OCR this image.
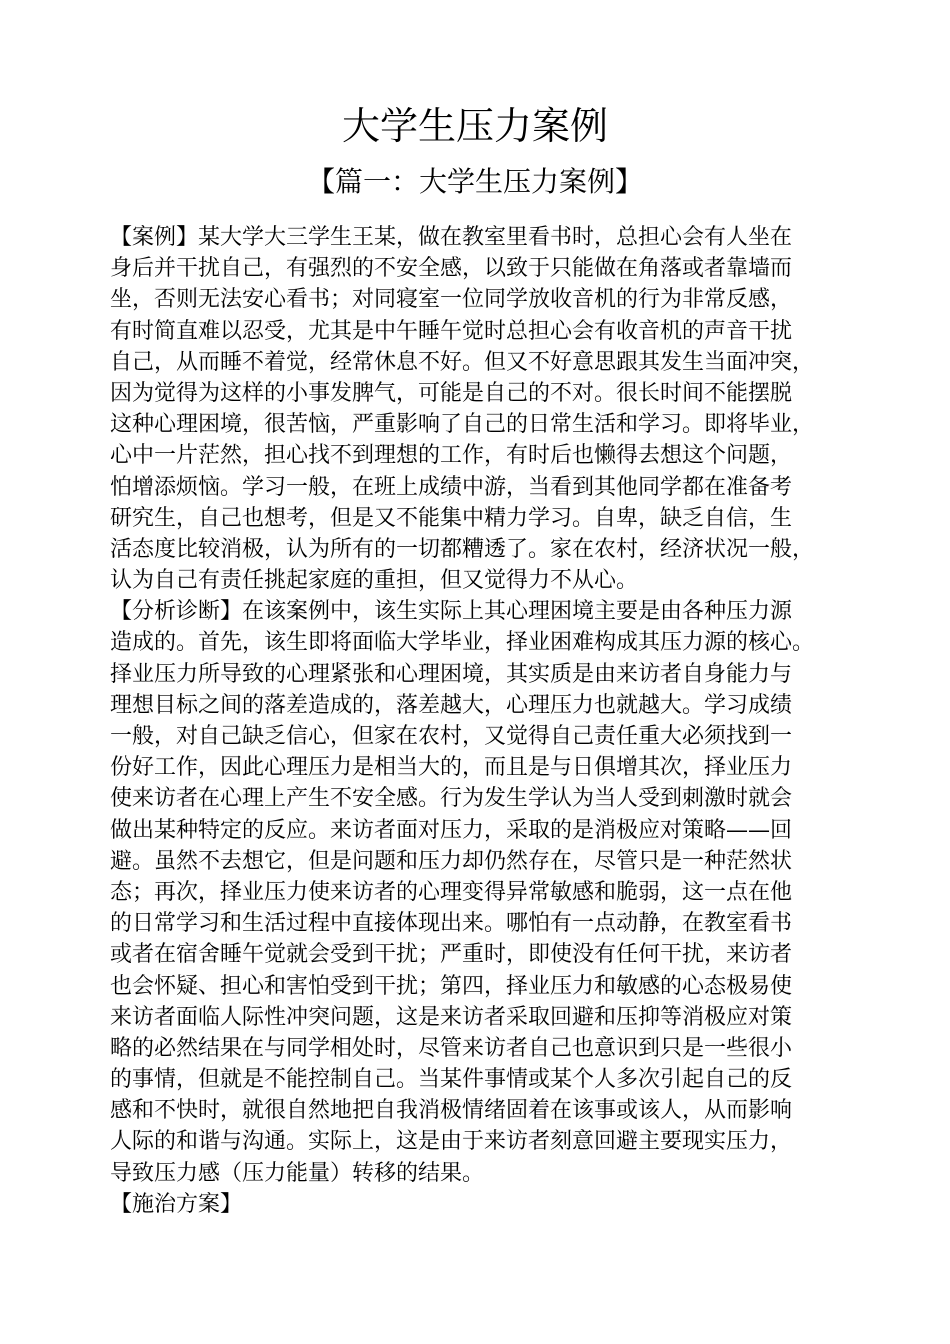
大学生压力案例
【篇一：大学生压力案例】
【案例】某大学大三学生王某，做在教室里看书时，总担心会有人坐在
身后并干扰自己，有强烈的不安全感，以致于只能做在角落或者靠墙而
坐，否则无法安心看书；对同寝室一位同学放收音机的行为非常反感，
有时简直难以忍受，尤其是中午睡午觉时总担心会有收音机的声音干扰
自己，从而睡不着觉，经常休息不好。但又不好意思跟其发生当面冲突，
因为觉得为这样的小事发脾气，可能是自己的不对。很长时间不能摆脱
这种心理困境，很苦恼，严重影响了自己的日常生活和学习。即将毕业，
心中一片茫然，担心找不到理想的工作，有时后也懒得去想这个问题，
怕增添烦恼。学习一般，在班上成绩中游，当看到其他同学都在准备考
研究生，自己也想考，但是又不能集中精力学习。自卑，缺乏自信，生
活态度比较消极，认为所有的一切都糟透了。家在农村，经济状况一般，
认为自己有责任挑起家庭的重担，但又觉得力不从心。
【分析诊断】在该案例中，该生实际上其心理困境主要是由各种压力源
造成的。首先，该生即将面临大学毕业，择业困难构成其压力源的核心。
择业压力所导致的心理紧张和心理困境，其实质是由来访者自身能力与
理想目标之间的落差造成的，落差越大，心理压力也就越大。学习成绩
一般，对自己缺乏信心，但家在农村，又觉得自己责任重大必须找到一
份好工作，因此心理压力是相当大的，而且是与日俱增其次，择业压力
使来访者在心理上产生不安全感。行为发生学认为当人受到刺激时就会
做出某种特定的反应。来访者面对压力，采取的是消极应对策略——回
避。虽然不去想它，但是问题和压力却仍然存在，尽管只是一种茫然状
态；再次，择业压力使来访者的心理变得异常敏感和脆弱，这一点在他
的日常学习和生活过程中直接体现出来。哪怕有一点动静，在教室看书
或者在宿舍睡午觉就会受到干扰；严重时，即使没有任何干扰，来访者
也会怀疑、担心和害怕受到干扰；第四，择业压力和敏感的心态极易使
来访者面临人际性冲突问题，这是来访者采取回避和压抑等消极应对策
略的必然结果在与同学相处时，尽管来访者自己也意识到只是一些很小
的事情，但就是不能控制自己。当某件事情或某个人多次引起自己的反
感和不快时，就很自然地把自我消极情绪固着在该事或该人，从而影响
人际的和谐与沟通。实际上，这是由于来访者刻意回避主要现实压力，
导致压力感（压力能量）转移的结果。
【施治方案】
